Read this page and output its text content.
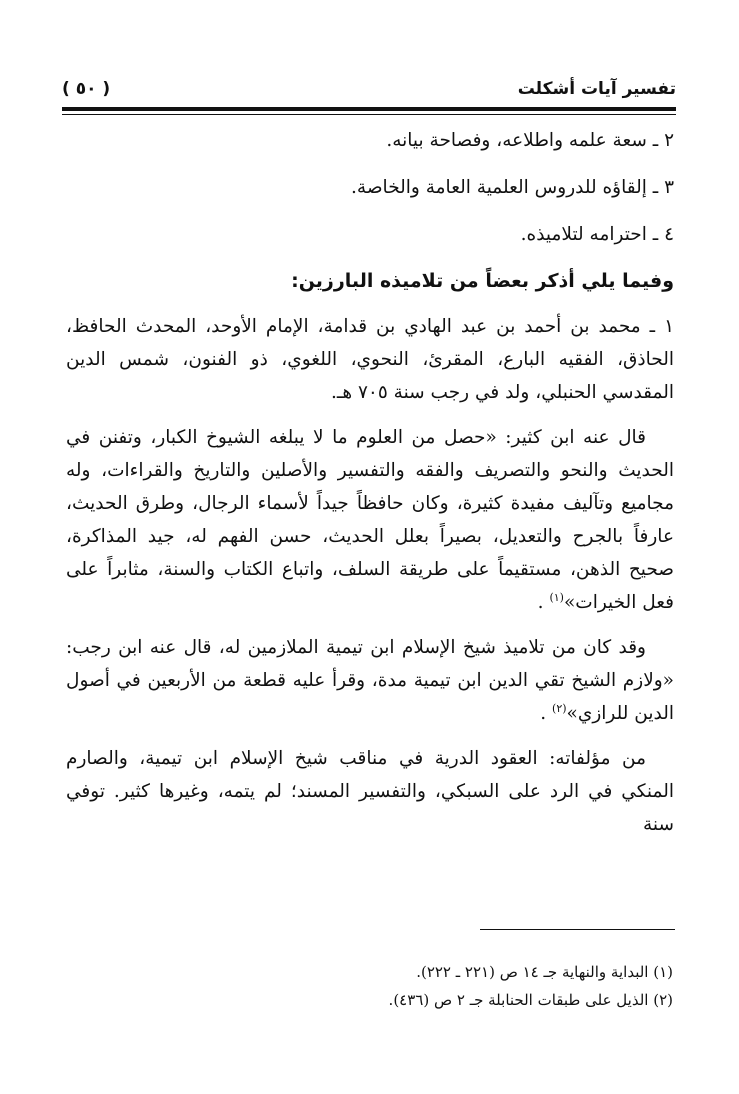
تفسير آيات أشكلت
( ٥٠ )

٢ ـ سعة علمه واطلاعه، وفصاحة بيانه.

٣ ـ إلقاؤه للدروس العلمية العامة والخاصة.

٤ ـ احترامه لتلاميذه.

وفيما يلي أذكر بعضاً من تلاميذه البارزين:

١ ـ محمد بن أحمد بن عبد الهادي بن قدامة، الإمام الأوحد، المحدث الحافظ، الحاذق، الفقيه البارع، المقرئ، النحوي، اللغوي، ذو الفنون، شمس الدين المقدسي الحنبلي، ولد في رجب سنة ٧٠٥ هـ.

قال عنه ابن كثير: «حصل من العلوم ما لا يبلغه الشيوخ الكبار، وتفنن في الحديث والنحو والتصريف والفقه والتفسير والأصلين والتاريخ والقراءات، وله مجاميع وتآليف مفيدة كثيرة، وكان حافظاً جيداً لأسماء الرجال، وطرق الحديث، عارفاً بالجرح والتعديل، بصيراً بعلل الحديث، حسن الفهم له، جيد المذاكرة، صحيح الذهن، مستقيماً على طريقة السلف، واتباع الكتاب والسنة، مثابراً على فعل الخيرات»$^{(١)}$ .

وقد كان من تلاميذ شيخ الإسلام ابن تيمية الملازمين له، قال عنه ابن رجب: «ولازم الشيخ تقي الدين ابن تيمية مدة، وقرأ عليه قطعة من الأربعين في أصول الدين للرازي»$^{(٢)}$ .

من مؤلفاته: العقود الدرية في مناقب شيخ الإسلام ابن تيمية، والصارم المنكي في الرد على السبكي، والتفسير المسند؛ لم يتمه، وغيرها كثير. توفي سنة

(١) البداية والنهاية جـ ١٤ ص (٢٢١ ـ ٢٢٢).

(٢) الذيل على طبقات الحنابلة جـ ٢ ص (٤٣٦).
